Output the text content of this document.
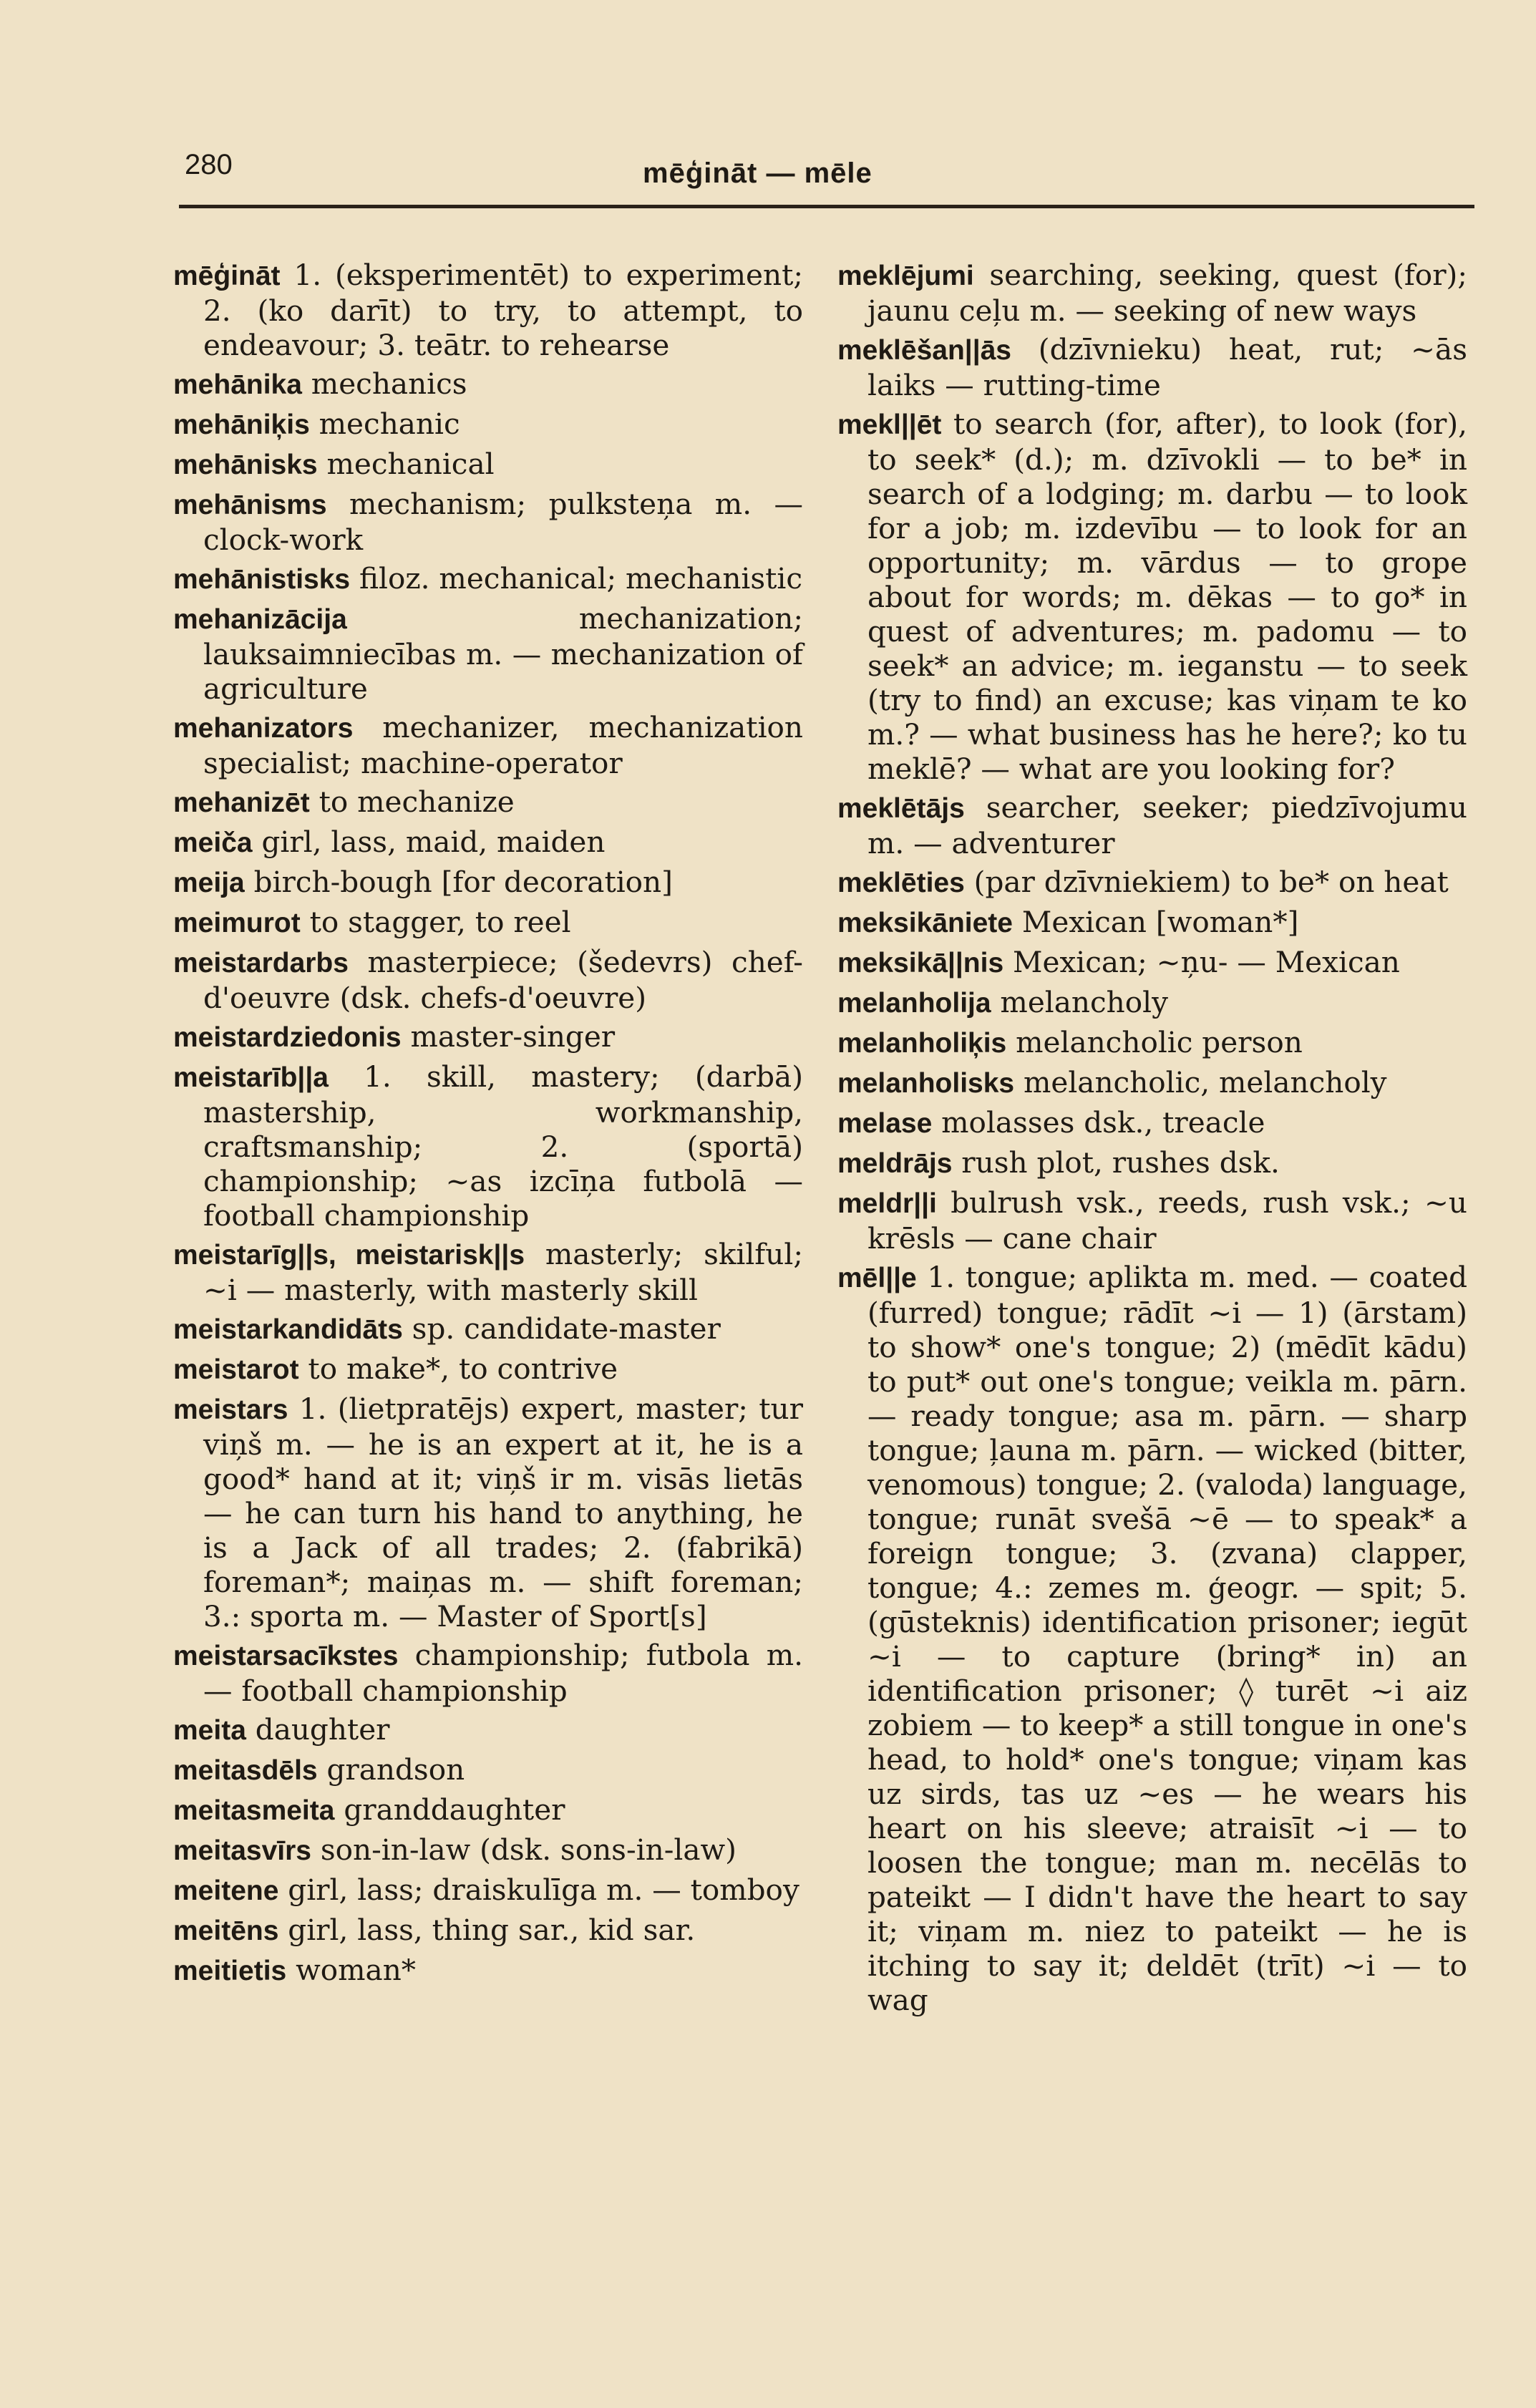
280	mēģināt — mēle

mēģināt 1. (eksperimentēt) to experiment; 2. (ko darīt) to try, to attempt, to endeavour; 3. teātr. to rehearse

mehānika mechanics

mehāniķis mechanic

mehānisks mechanical

mehānisms mechanism; pulksteņa m. — clock-work

mehānistisks filoz. mechanical; mechanistic

mehanizācija mechanization; lauksaimniecības m. — mechanization of agriculture

mehanizators mechanizer, mechanization specialist; machine-operator

mehanizēt to mechanize

meiča girl, lass, maid, maiden

meija birch-bough [for decoration]

meimurot to stagger, to reel

meistardarbs masterpiece; (šedevrs) chef-d'oeuvre (dsk. chefs-d'oeuvre)

meistardziedonis master-singer

meistarīb||a 1. skill, mastery; (darbā) mastership, workmanship, craftsmanship; 2. (sportā) championship; ~as izcīņa futbolā — football championship

meistarīg||s, meistarisk||s masterly; skilful; ~i — masterly, with masterly skill

meistarkandidāts sp. candidate-master

meistarot to make*, to contrive

meistars 1. (lietpratējs) expert, master; tur viņš m. — he is an expert at it, he is a good* hand at it; viņš ir m. visās lietās — he can turn his hand to anything, he is a Jack of all trades; 2. (fabrikā) foreman*; maiņas m. — shift foreman; 3.: sporta m. — Master of Sport[s]

meistarsacīkstes championship; futbola m. — football championship

meita daughter

meitasdēls grandson

meitasmeita granddaughter

meitasvīrs son-in-law (dsk. sons-in-law)

meitene girl, lass; draiskulīga m. — tomboy

meitēns girl, lass, thing sar., kid sar.

meitietis woman*

meklējumi searching, seeking, quest (for); jaunu ceļu m. — seeking of new ways

meklēšan||ās (dzīvnieku) heat, rut; ~ās laiks — rutting-time

mekl||ēt to search (for, after), to look (for), to seek* (d.); m. dzīvokli — to be* in search of a lodging; m. darbu — to look for a job; m. izdevību — to look for an opportunity; m. vārdus — to grope about for words; m. dēkas — to go* in quest of adventures; m. padomu — to seek* an advice; m. ieganstu — to seek (try to find) an excuse; kas viņam te ko m.? — what business has he here?; ko tu meklē? — what are you looking for?

meklētājs searcher, seeker; piedzīvojumu m. — adventurer

meklēties (par dzīvniekiem) to be* on heat

meksikāniete Mexican [woman*]

meksikā||nis Mexican; ~ņu- — Mexican

melanholija melancholy

melanholiķis melancholic person

melanholisks melancholic, melancholy

melase molasses dsk., treacle

meldrājs rush plot, rushes dsk.

meldr||i bulrush vsk., reeds, rush vsk.; ~u krēsls — cane chair

mēl||e 1. tongue; aplikta m. med. — coated (furred) tongue; rādīt ~i — 1) (ārstam) to show* one's tongue; 2) (mēdīt kādu) to put* out one's tongue; veikla m. pārn. — ready tongue; asa m. pārn. — sharp tongue; ļauna m. pārn. — wicked (bitter, venomous) tongue; 2. (valoda) language, tongue; runāt svešā ~ē — to speak* a foreign tongue; 3. (zvana) clapper, tongue; 4.: zemes m. ģeogr. — spit; 5. (gūsteknis) identification prisoner; iegūt ~i — to capture (bring* in) an identification prisoner; ◊ turēt ~i aiz zobiem — to keep* a still tongue in one's head, to hold* one's tongue; viņam kas uz sirds, tas uz ~es — he wears his heart on his sleeve; atraisīt ~i — to loosen the tongue; man m. necēlās to pateikt — I didn't have the heart to say it; viņam m. niez to pateikt — he is itching to say it; deldēt (trīt) ~i — to wag
